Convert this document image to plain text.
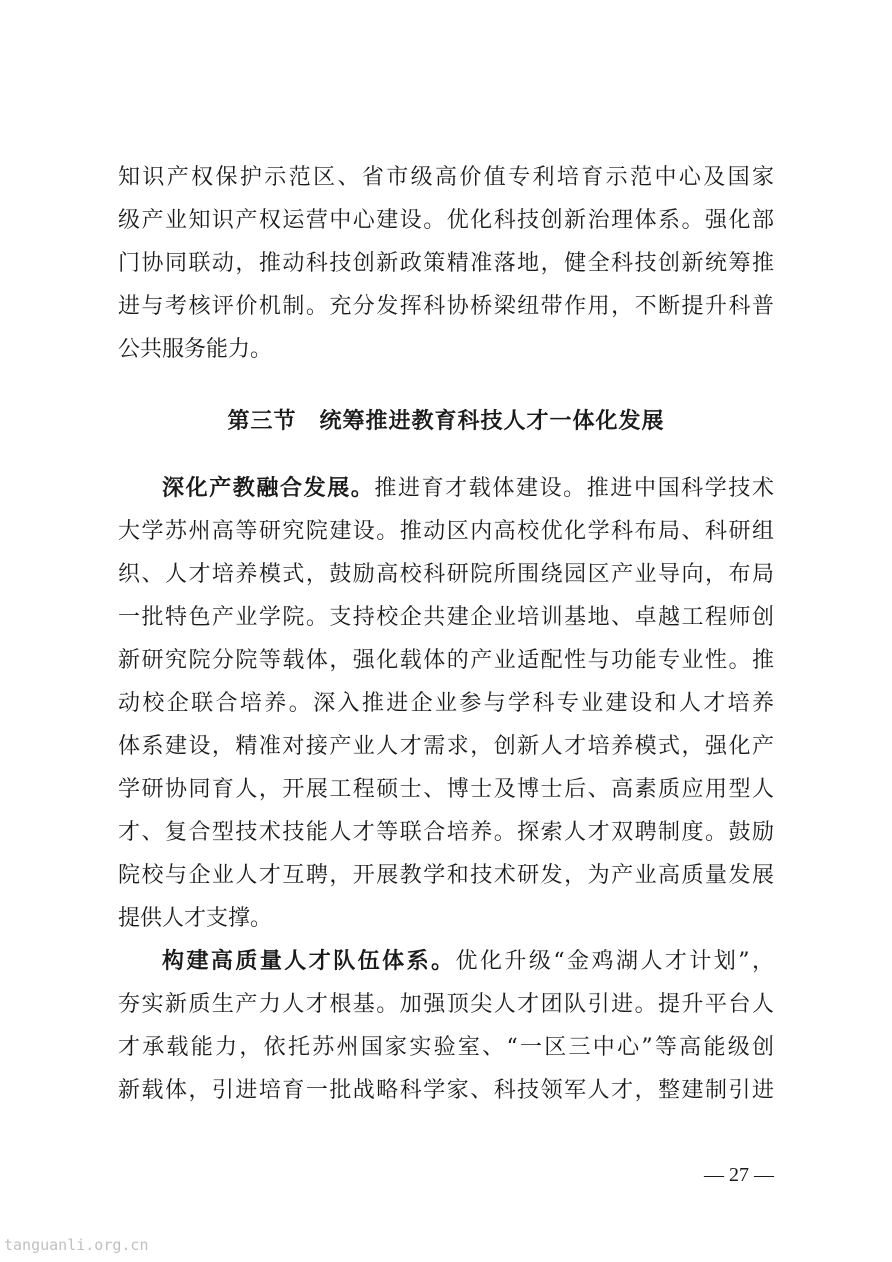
知识产权保护示范区、省市级高价值专利培育示范中心及国家
级产业知识产权运营中心建设。优化科技创新治理体系。强化部
门协同联动，推动科技创新政策精准落地，健全科技创新统筹推
进与考核评价机制。充分发挥科协桥梁纽带作用，不断提升科普
公共服务能力。
第三节　统筹推进教育科技人才一体化发展
深化产教融合发展。推进育才载体建设。推进中国科学技术
大学苏州高等研究院建设。推动区内高校优化学科布局、科研组
织、人才培养模式，鼓励高校科研院所围绕园区产业导向，布局
一批特色产业学院。支持校企共建企业培训基地、卓越工程师创
新研究院分院等载体，强化载体的产业适配性与功能专业性。推
动校企联合培养。深入推进企业参与学科专业建设和人才培养
体系建设，精准对接产业人才需求，创新人才培养模式，强化产
学研协同育人，开展工程硕士、博士及博士后、高素质应用型人
才、复合型技术技能人才等联合培养。探索人才双聘制度。鼓励
院校与企业人才互聘，开展教学和技术研发，为产业高质量发展
提供人才支撑。
构建高质量人才队伍体系。优化升级“金鸡湖人才计划”，
夯实新质生产力人才根基。加强顶尖人才团队引进。提升平台人
才承载能力，依托苏州国家实验室、“一区三中心”等高能级创
新载体，引进培育一批战略科学家、科技领军人才，整建制引进
— 27 —
tanguanli.org.cn
